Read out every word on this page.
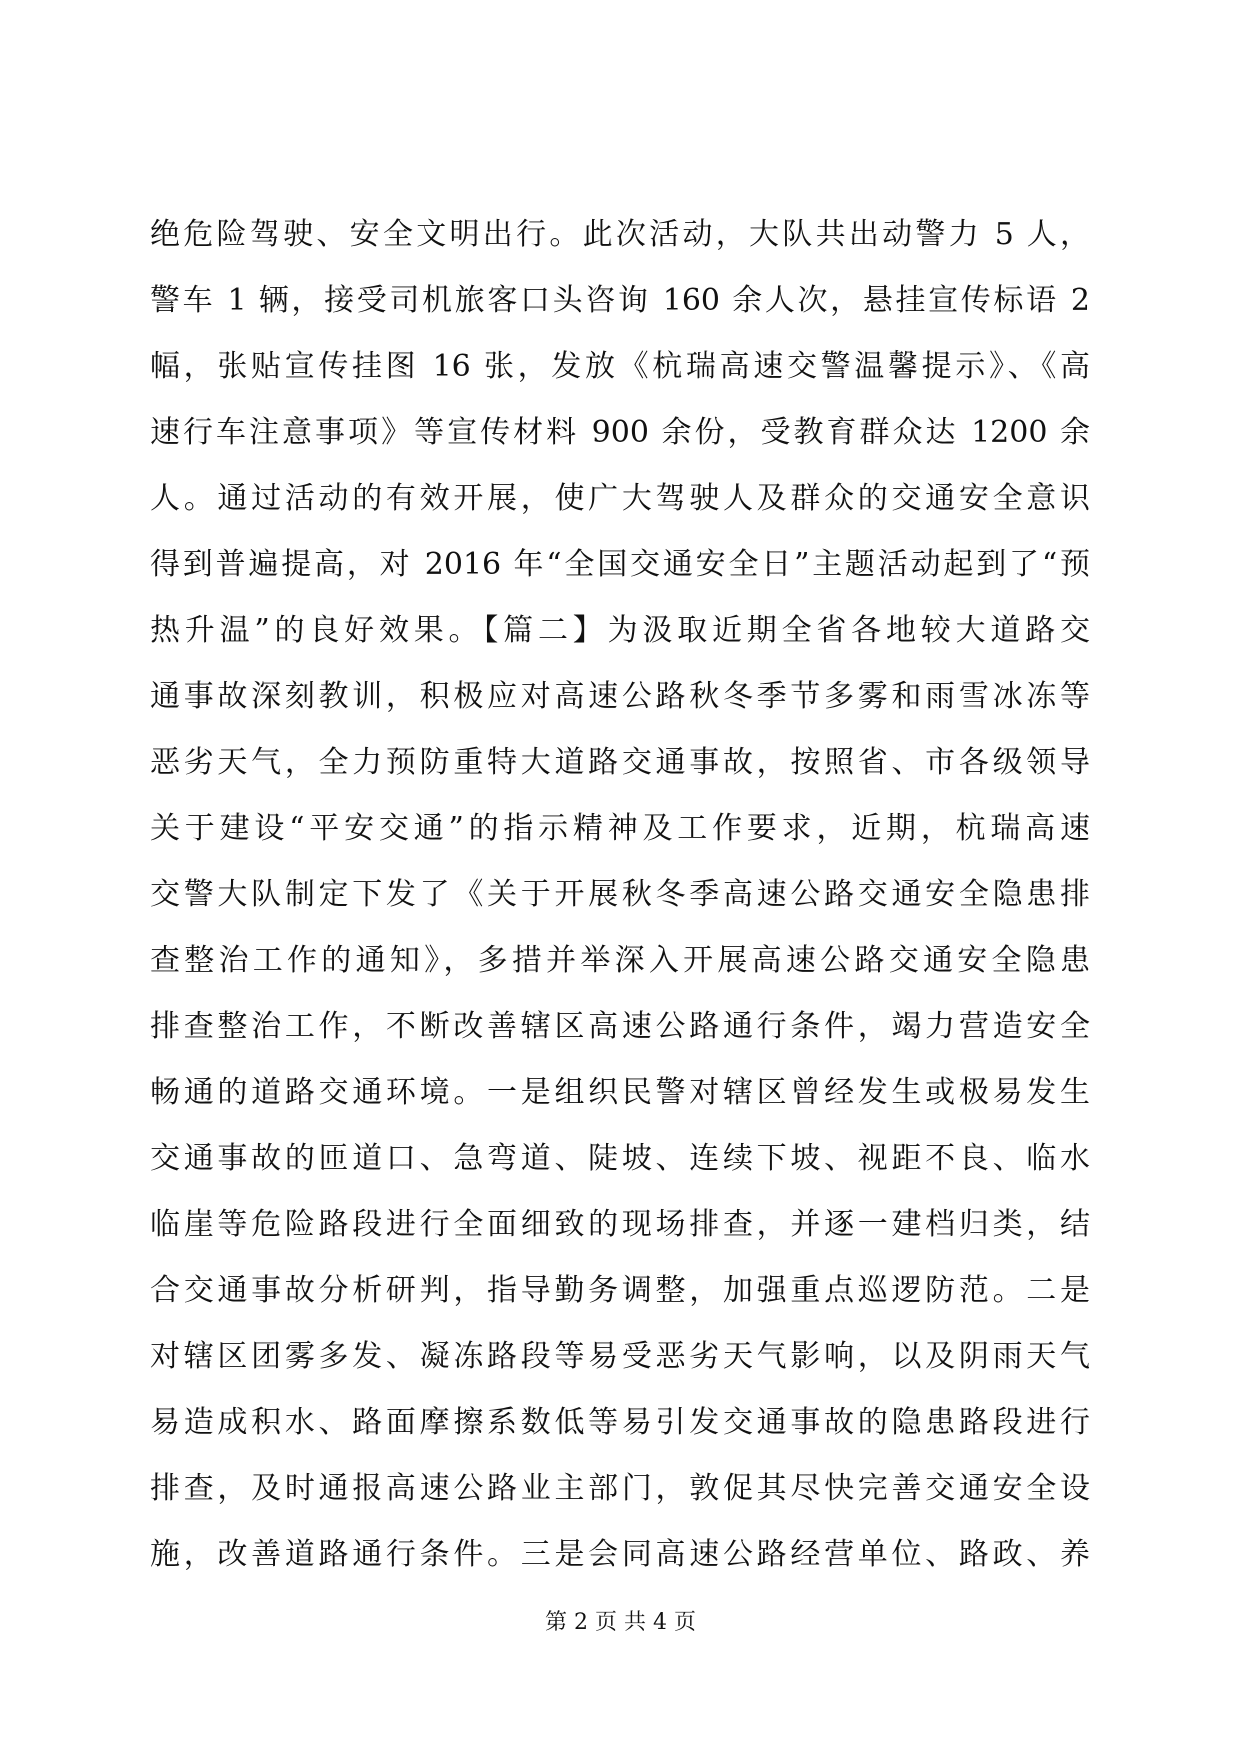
绝危险驾驶、安全文明出行。此次活动，大队共出动警力 5 人，
警车 1 辆，接受司机旅客口头咨询 160 余人次，悬挂宣传标语 2
幅，张贴宣传挂图 16 张，发放《杭瑞高速交警温馨提示》、《高
速行车注意事项》等宣传材料 900 余份，受教育群众达 1200 余
人。通过活动的有效开展，使广大驾驶人及群众的交通安全意识
得到普遍提高，对 2016 年“全国交通安全日”主题活动起到了“预
热升温”的良好效果。【篇二】为汲取近期全省各地较大道路交
通事故深刻教训，积极应对高速公路秋冬季节多雾和雨雪冰冻等
恶劣天气，全力预防重特大道路交通事故，按照省、市各级领导
关于建设“平安交通”的指示精神及工作要求，近期，杭瑞高速
交警大队制定下发了《关于开展秋冬季高速公路交通安全隐患排
查整治工作的通知》，多措并举深入开展高速公路交通安全隐患
排查整治工作，不断改善辖区高速公路通行条件，竭力营造安全
畅通的道路交通环境。一是组织民警对辖区曾经发生或极易发生
交通事故的匝道口、急弯道、陡坡、连续下坡、视距不良、临水
临崖等危险路段进行全面细致的现场排查，并逐一建档归类，结
合交通事故分析研判，指导勤务调整，加强重点巡逻防范。二是
对辖区团雾多发、凝冻路段等易受恶劣天气影响，以及阴雨天气
易造成积水、路面摩擦系数低等易引发交通事故的隐患路段进行
排查，及时通报高速公路业主部门，敦促其尽快完善交通安全设
施，改善道路通行条件。三是会同高速公路经营单位、路政、养
第 2 页 共 4 页
